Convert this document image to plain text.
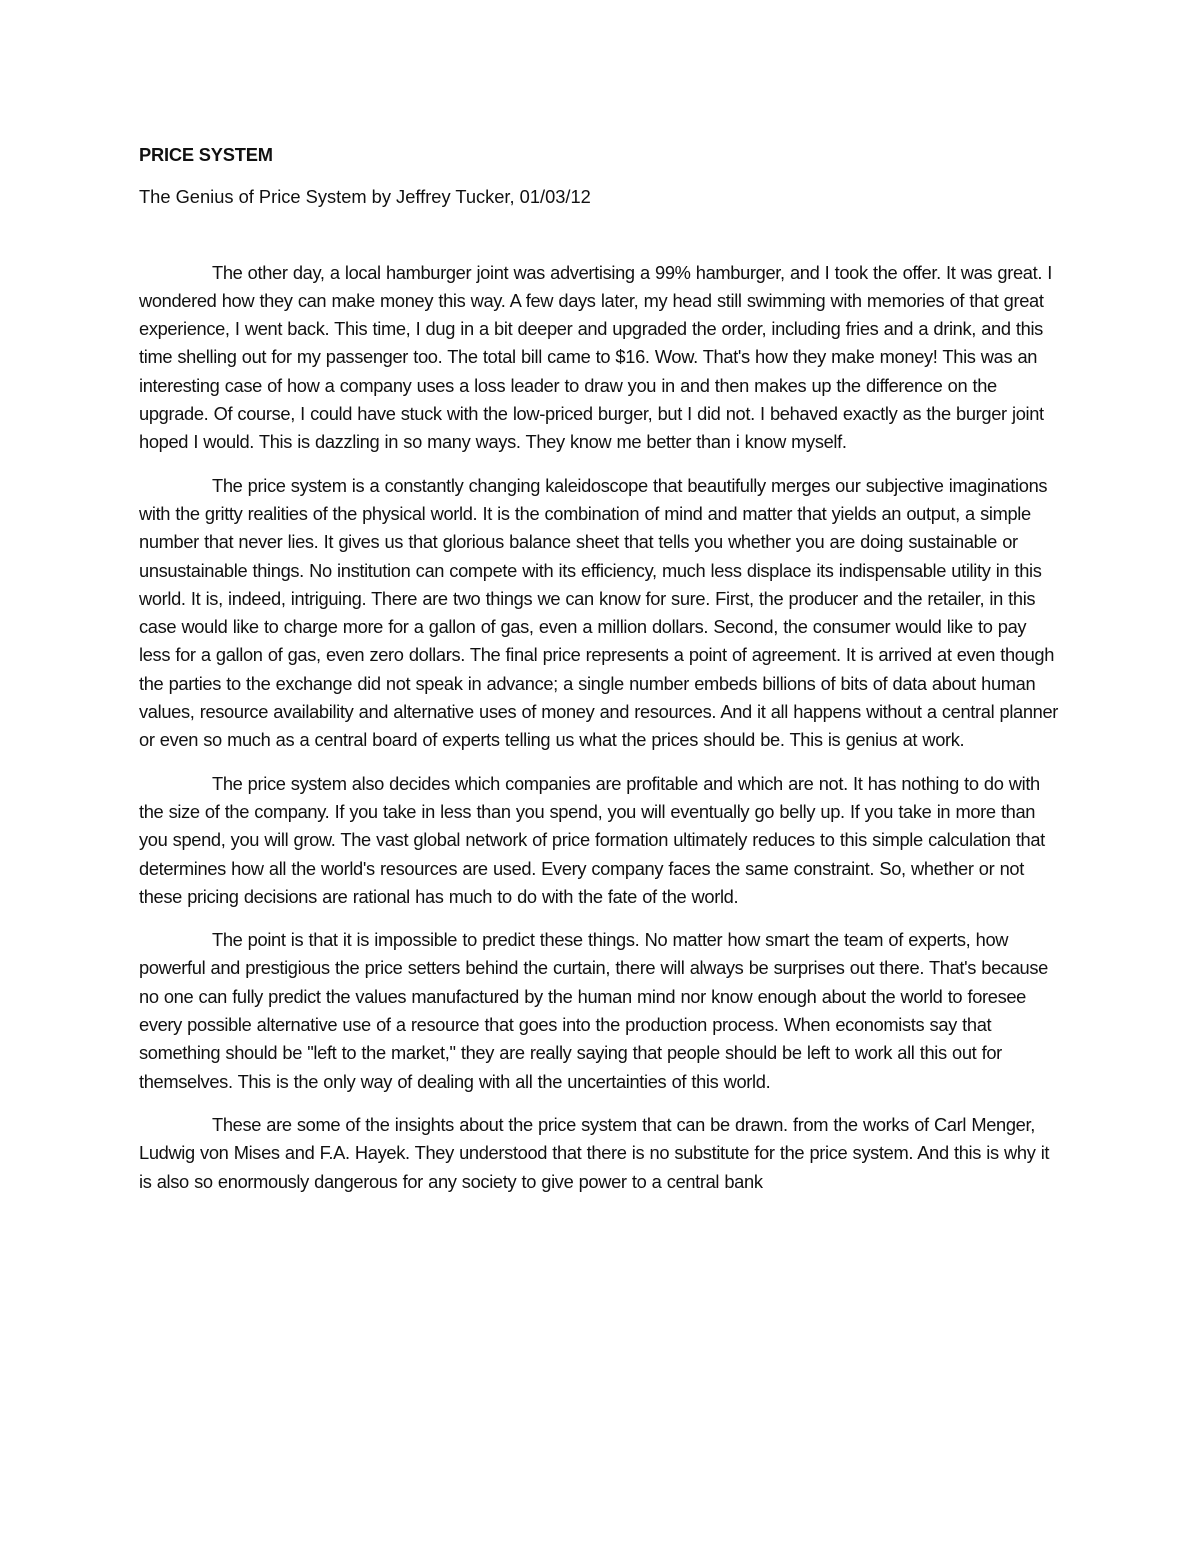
PRICE SYSTEM

The Genius of Price System by Jeffrey Tucker, 01/03/12

The other day, a local hamburger joint was advertising a 99% hamburger, and I took the offer. It was great. I wondered how they can make money this way. A few days later, my head still swimming with memories of that great experience, I went back. This time, I dug in a bit deeper and upgraded the order, including fries and a drink, and this time shelling out for my passenger too. The total bill came to $16. Wow. That's how they make money! This was an interesting case of how a company uses a loss leader to draw you in and then makes up the difference on the upgrade. Of course, I could have stuck with the low-priced burger, but I did not. I behaved exactly as the burger joint hoped I would. This is dazzling in so many ways. They know me better than i know myself.

The price system is a constantly changing kaleidoscope that beautifully merges our subjective imaginations with the gritty realities of the physical world. It is the combination of mind and matter that yields an output, a simple number that never lies. It gives us that glorious balance sheet that tells you whether you are doing sustainable or unsustainable things. No institution can compete with its efficiency, much less displace its indispensable utility in this world. It is, indeed, intriguing. There are two things we can know for sure. First, the producer and the retailer, in this case would like to charge more for a gallon of gas, even a million dollars. Second, the consumer would like to pay less for a gallon of gas, even zero dollars. The final price represents a point of agreement. It is arrived at even though the parties to the exchange did not speak in advance; a single number embeds billions of bits of data about human values, resource availability and alternative uses of money and resources. And it all happens without a central planner or even so much as a central board of experts telling us what the prices should be. This is genius at work.

The price system also decides which companies are profitable and which are not. It has nothing to do with the size of the company. If you take in less than you spend, you will eventually go belly up. If you take in more than you spend, you will grow. The vast global network of price formation ultimately reduces to this simple calculation that determines how all the world's resources are used. Every company faces the same constraint. So, whether or not these pricing decisions are rational has much to do with the fate of the world.

The point is that it is impossible to predict these things. No matter how smart the team of experts, how powerful and prestigious the price setters behind the curtain, there will always be surprises out there. That's because no one can fully predict the values manufactured by the human mind nor know enough about the world to foresee every possible alternative use of a resource that goes into the production process. When economists say that something should be "left to the market," they are really saying that people should be left to work all this out for themselves. This is the only way of dealing with all the uncertainties of this world.

These are some of the insights about the price system that can be drawn. from the works of Carl Menger, Ludwig von Mises and F.A. Hayek. They understood that there is no substitute for the price system. And this is why it is also so enormously dangerous for any society to give power to a central bank
